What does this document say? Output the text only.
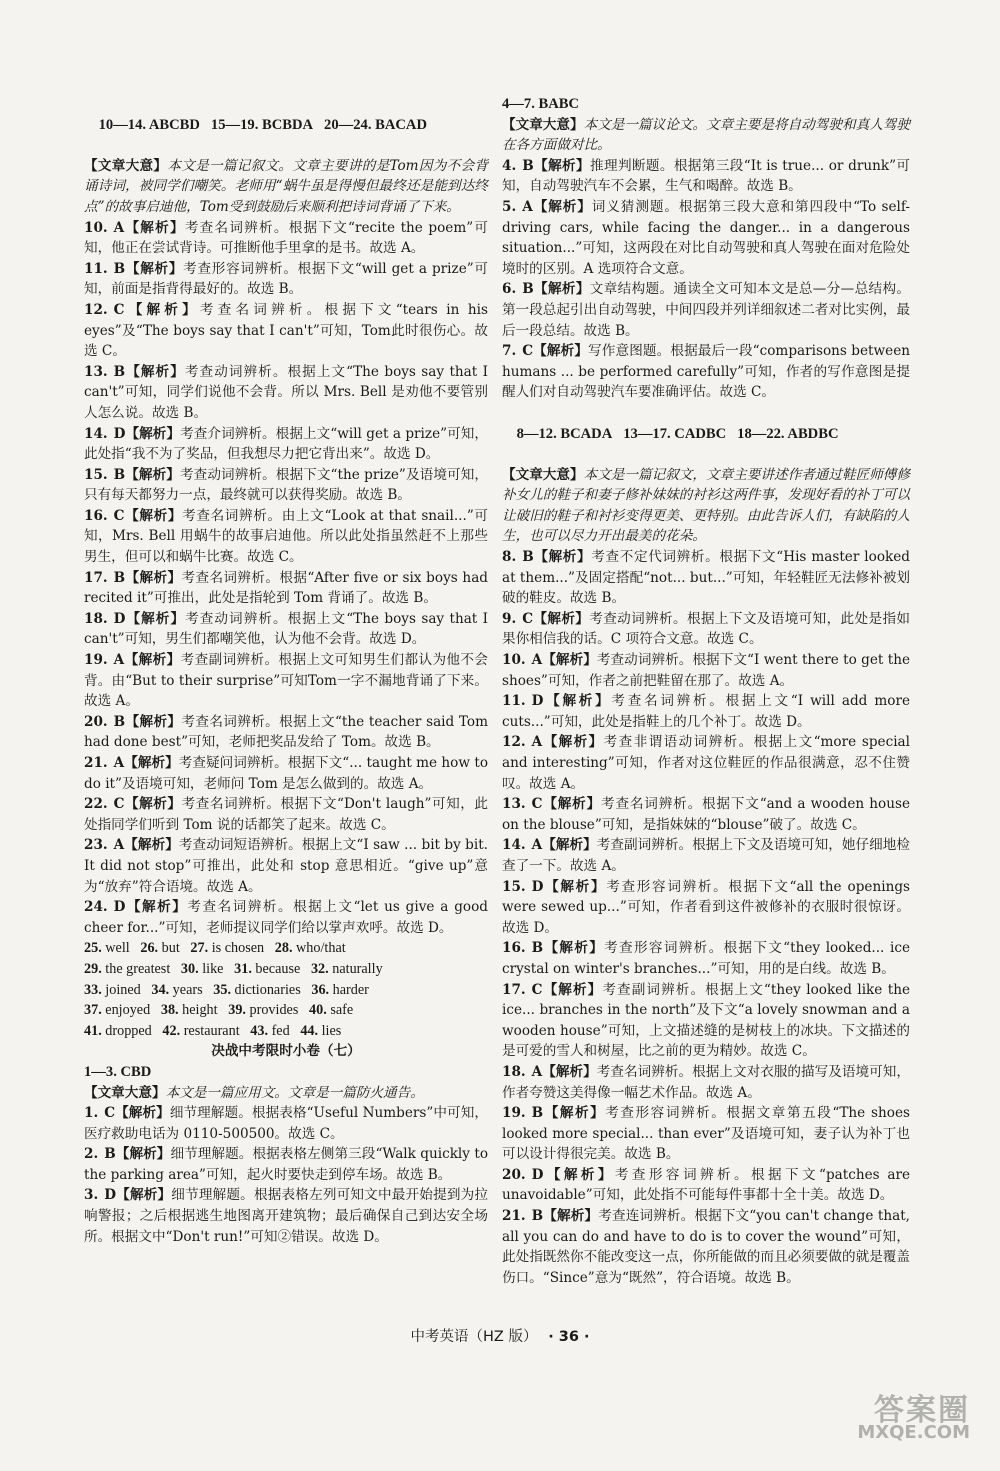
10—14. ABCBD 15—19. BCBDA 20—24. BACAD

【文章大意】本文是一篇记叙文。文章主要讲的是Tom因为不会背诵诗词，被同学们嘲笑。老师用“蜗牛虽是得慢但最终还是能到达终点”的故事启迪他，Tom受到鼓励后来顺利把诗词背诵了下来。
10. A【解析】考查名词辨析。根据下文“recite the poem”可知，他正在尝试背诗。可推断他手里拿的是书。故选 A。
11. B【解析】考查形容词辨析。根据下文“will get a prize”可知，前面是指背得最好的。故选 B。
12. C【解析】考查名词辨析。根据下文“tears in his eyes”及“The boys say that I can't”可知，Tom此时很伤心。故选 C。
13. B【解析】考查动词辨析。根据上文“The boys say that I can't”可知，同学们说他不会背。所以 Mrs. Bell 是劝他不要管别人怎么说。故选 B。
14. D【解析】考查介词辨析。根据上文“will get a prize”可知，此处指“我不为了奖品，但我想尽力把它背出来”。故选 D。
15. B【解析】考查动词辨析。根据下文“the prize”及语境可知，只有每天都努力一点，最终就可以获得奖励。故选 B。
16. C【解析】考查名词辨析。由上文“Look at that snail...”可知，Mrs. Bell 用蜗牛的故事启迪他。所以此处指虽然赶不上那些男生，但可以和蜗牛比赛。故选 C。
17. B【解析】考查名词辨析。根据“After five or six boys had recited it”可推出，此处是指轮到 Tom 背诵了。故选 B。
18. D【解析】考查动词辨析。根据上文“The boys say that I can't”可知，男生们都嘲笑他，认为他不会背。故选 D。
19. A【解析】考查副词辨析。根据上文可知男生们都认为他不会背。由“But to their surprise”可知Tom一字不漏地背诵了下来。故选 A。
20. B【解析】考查名词辨析。根据上文“the teacher said Tom had done best”可知，老师把奖品发给了 Tom。故选 B。
21. A【解析】考查疑问词辨析。根据下文“... taught me how to do it”及语境可知，老师问 Tom 是怎么做到的。故选 A。
22. C【解析】考查名词辨析。根据下文“Don't laugh”可知，此处指同学们听到 Tom 说的话都笑了起来。故选 C。
23. A【解析】考查动词短语辨析。根据上文“I saw ... bit by bit. It did not stop”可推出，此处和 stop 意思相近。“give up”意为“放弃”符合语境。故选 A。
24. D【解析】考查名词辨析。根据上文“let us give a good cheer for...”可知，老师提议同学们给以掌声欢呼。故选 D。
25. well 26. but 27. is chosen 28. who/that
29. the greatest 30. like 31. because 32. naturally
33. joined 34. years 35. dictionaries 36. harder
37. enjoyed 38. height 39. provides 40. safe
41. dropped 42. restaurant 43. fed 44. lies
决战中考限时小卷（七）
1—3. CBD
【文章大意】本文是一篇应用文。文章是一篇防火通告。
1. C【解析】细节理解题。根据表格“Useful Numbers”中可知，医疗救助电话为 0110-500500。故选 C。
2. B【解析】细节理解题。根据表格左侧第三段“Walk quickly to the parking area”可知，起火时要快走到停车场。故选 B。
3. D【解析】细节理解题。根据表格左列可知文中最开始提到为拉响警报；之后根据逃生地图离开建筑物；最后确保自己到达安全场所。根据文中“Don't run!”可知②错误。故选 D。
4—7. BABC
【文章大意】本文是一篇议论文。文章主要是将自动驾驶和真人驾驶在各方面做对比。
4. B【解析】推理判断题。根据第三段“It is true... or drunk”可知，自动驾驶汽车不会累，生气和喝醉。故选 B。
5. A【解析】词义猜测题。根据第三段大意和第四段中“To self-driving cars, while facing the danger... in a dangerous situation...”可知，这两段在对比自动驾驶和真人驾驶在面对危险处境时的区别。A 选项符合文意。
6. B【解析】文章结构题。通读全文可知本文是总—分—总结构。第一段总起引出自动驾驶，中间四段并列详细叙述二者对比实例，最后一段总结。故选 B。
7. C【解析】写作意图题。根据最后一段“comparisons between humans ... be performed carefully”可知，作者的写作意图是提醒人们对自动驾驶汽车要准确评估。故选 C。

8—12. BCADA 13—17. CADBC 18—22. ABDBC

【文章大意】本文是一篇记叙文，文章主要讲述作者通过鞋匠师傅修补女儿的鞋子和妻子修补妹妹的衬衫这两件事，发现好看的补丁可以让破旧的鞋子和衬衫变得更美、更特别。由此告诉人们，有缺陷的人生，也可以尽力开出最美的花朵。
8. B【解析】考查不定代词辨析。根据下文“His master looked at them...”及固定搭配“not... but...”可知，年轻鞋匠无法修补被划破的鞋皮。故选 B。
9. C【解析】考查动词辨析。根据上下文及语境可知，此处是指如果你相信我的话。C 项符合文意。故选 C。
10. A【解析】考查动词辨析。根据下文“I went there to get the shoes”可知，作者之前把鞋留在那了。故选 A。
11. D【解析】考查名词辨析。根据上文“I will add more cuts...”可知，此处是指鞋上的几个补丁。故选 D。
12. A【解析】考查非谓语动词辨析。根据上文“more special and interesting”可知，作者对这位鞋匠的作品很满意，忍不住赞叹。故选 A。
13. C【解析】考查名词辨析。根据下文“and a wooden house on the blouse”可知，是指妹妹的“blouse”破了。故选 C。
14. A【解析】考查副词辨析。根据上下文及语境可知，她仔细地检查了一下。故选 A。
15. D【解析】考查形容词辨析。根据下文“all the openings were sewed up...”可知，作者看到这件被修补的衣服时很惊讶。故选 D。
16. B【解析】考查形容词辨析。根据下文“they looked... ice crystal on winter's branches...”可知，用的是白线。故选 B。
17. C【解析】考查副词辨析。根据上文“they looked like the ice... branches in the north”及下文“a lovely snowman and a wooden house”可知，上文描述缝的是树枝上的冰块。下文描述的是可爱的雪人和树屋，比之前的更为精妙。故选 C。
18. A【解析】考查名词辨析。根据上文对衣服的描写及语境可知，作者夸赞这美得像一幅艺术作品。故选 A。
19. B【解析】考查形容词辨析。根据文章第五段“The shoes looked more special... than ever”及语境可知，妻子认为补丁也可以设计得很完美。故选 B。
20. D【解析】考查形容词辨析。根据下文“patches are unavoidable”可知，此处指不可能每件事都十全十美。故选 D。
21. B【解析】考查连词辨析。根据下文“you can't change that, all you can do and have to do is to cover the wound”可知，此处指既然你不能改变这一点，你所能做的而且必须要做的就是覆盖伤口。“Since”意为“既然”，符合语境。故选 B。
中考英语（HZ 版） · 36 ·
答案圈
MXQE.COM
